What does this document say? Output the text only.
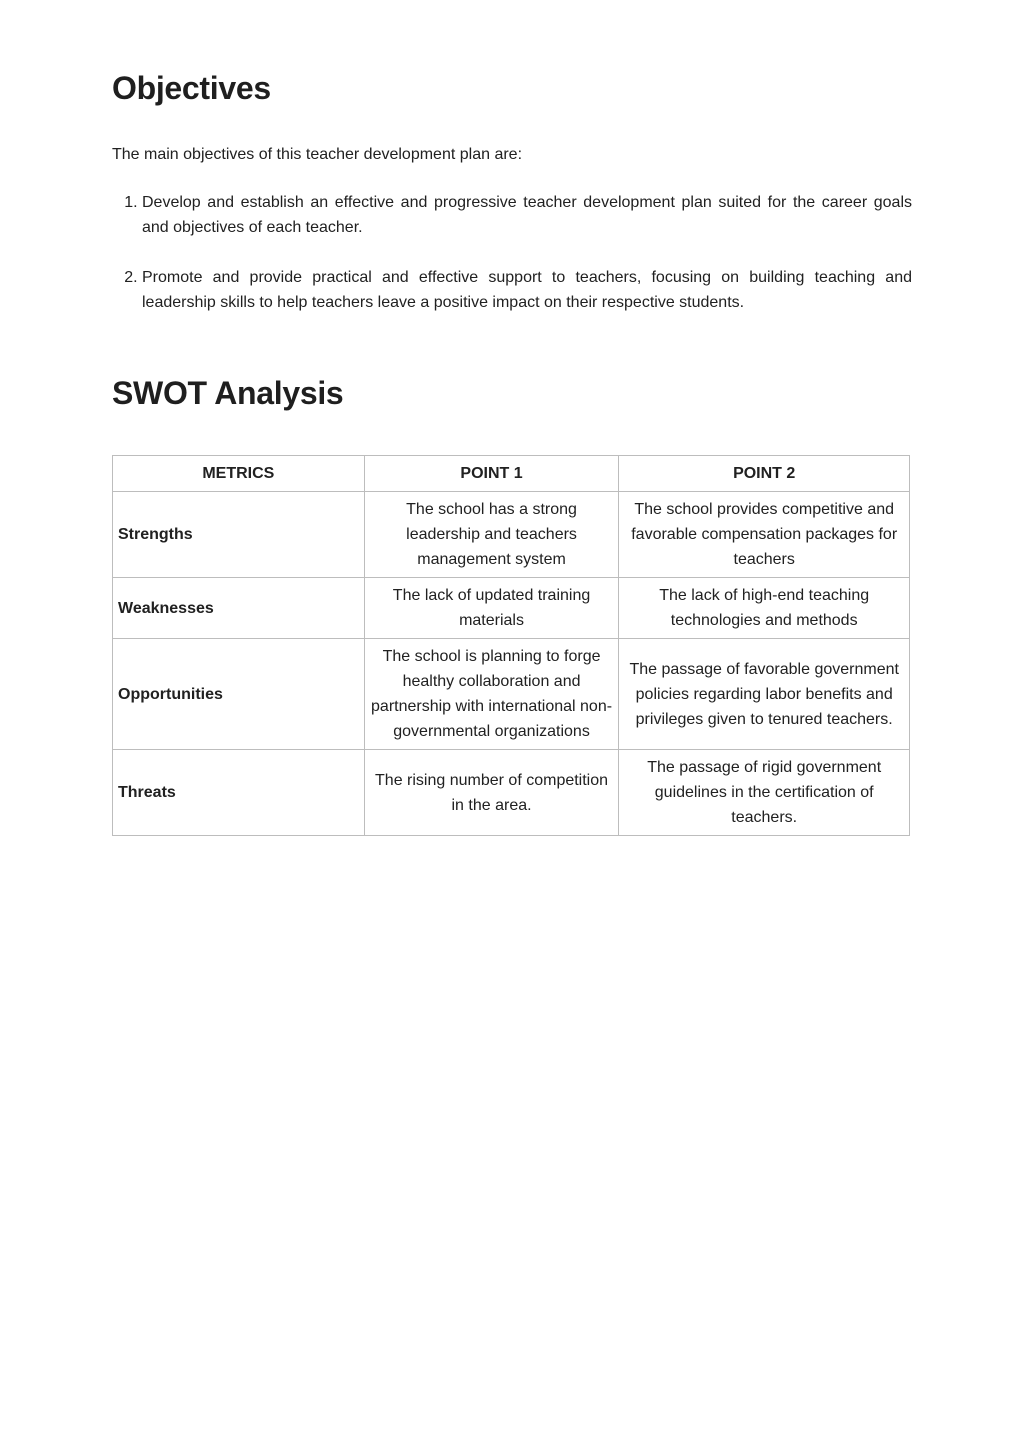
Objectives

The main objectives of this teacher development plan are:

1. Develop and establish an effective and progressive teacher development plan suited for the career goals and objectives of each teacher.
2. Promote and provide practical and effective support to teachers, focusing on building teaching and leadership skills to help teachers leave a positive impact on their respective students.
SWOT Analysis
METRICS	POINT 1	POINT 2
Strengths	The school has a strong leadership and teachers management system	The school provides competitive and favorable compensation packages for teachers
Weaknesses	The lack of updated training materials	The lack of high-end teaching technologies and methods
Opportunities	The school is planning to forge healthy collaboration and partnership with international non-governmental organizations	The passage of favorable government policies regarding labor benefits and privileges given to tenured teachers.
Threats	The rising number of competition in the area.	The passage of rigid government guidelines in the certification of teachers.
